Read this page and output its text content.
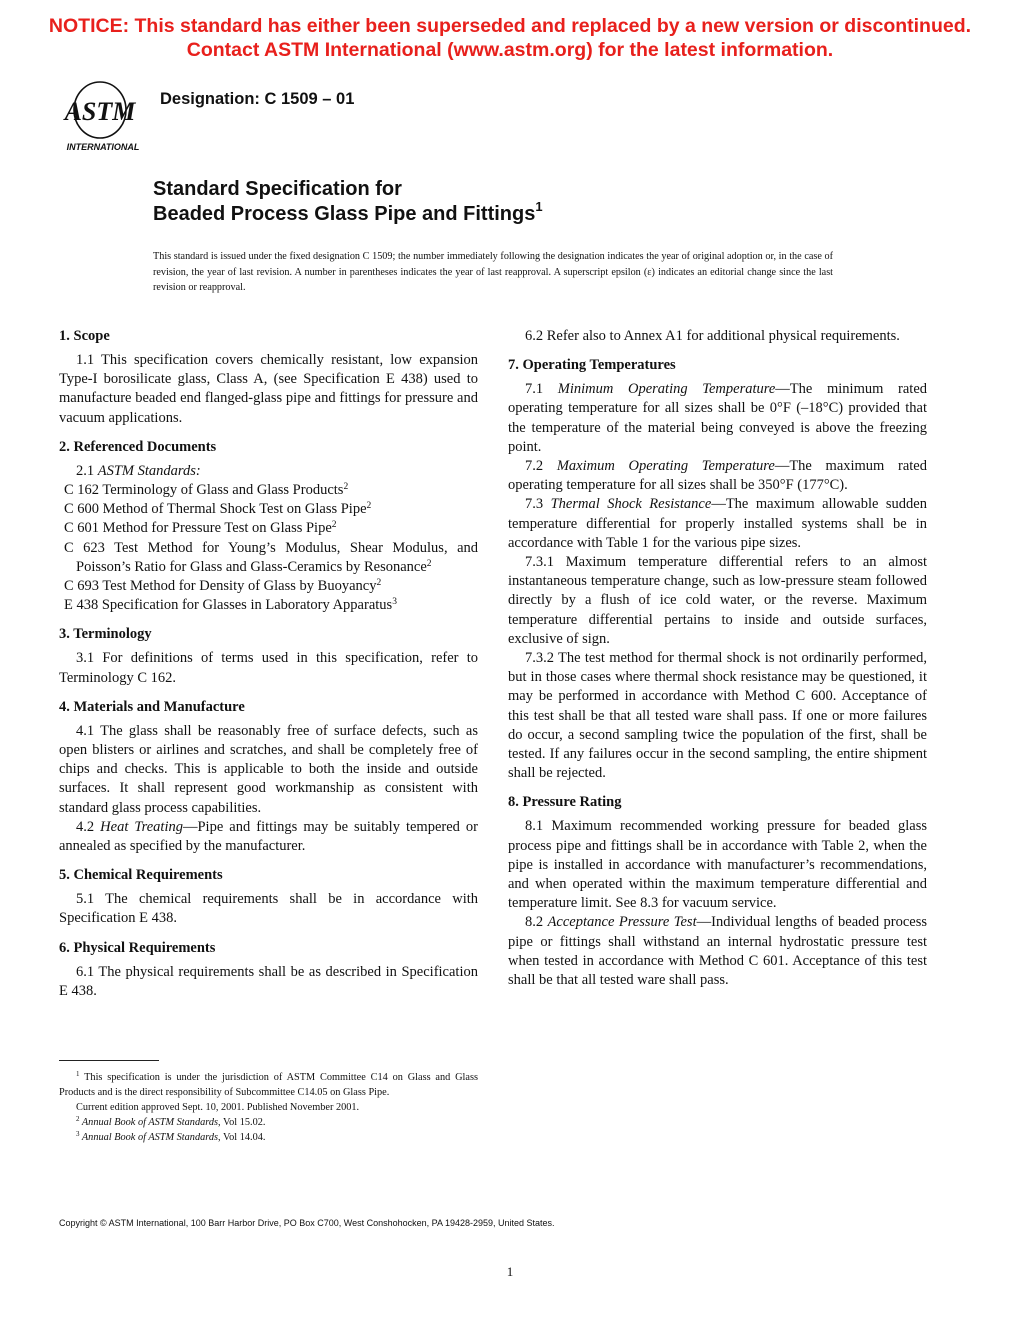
NOTICE: This standard has either been superseded and replaced by a new version or discontinued.
Contact ASTM International (www.astm.org) for the latest information.
ASTM
INTERNATIONAL
Designation: C 1509 – 01
Standard Specification for
Beaded Process Glass Pipe and Fittings$^1$
This standard is issued under the fixed designation C 1509; the number immediately following the designation indicates the year of original adoption or, in the case of revision, the year of last revision. A number in parentheses indicates the year of last reapproval. A superscript epsilon (ε) indicates an editorial change since the last revision or reapproval.
1. Scope

1.1 This specification covers chemically resistant, low expansion Type-I borosilicate glass, Class A, (see Specification E 438) used to manufacture beaded end flanged-glass pipe and fittings for pressure and vacuum applications.

2. Referenced Documents

2.1 ASTM Standards:

C 162 Terminology of Glass and Glass Products$^2$
C 600 Method of Thermal Shock Test on Glass Pipe$^2$
C 601 Method for Pressure Test on Glass Pipe$^2$
C 623 Test Method for Young’s Modulus, Shear Modulus, and Poisson’s Ratio for Glass and Glass-Ceramics by Resonance$^2$
C 693 Test Method for Density of Glass by Buoyancy$^2$
E 438 Specification for Glasses in Laboratory Apparatus$^3$
3. Terminology

3.1 For definitions of terms used in this specification, refer to Terminology C 162.

4. Materials and Manufacture

4.1 The glass shall be reasonably free of surface defects, such as open blisters or airlines and scratches, and shall be completely free of chips and checks. This is applicable to both the inside and outside surfaces. It shall represent good workmanship as consistent with standard glass process capabilities.

4.2 Heat Treating—Pipe and fittings may be suitably tempered or annealed as specified by the manufacturer.

5. Chemical Requirements

5.1 The chemical requirements shall be in accordance with Specification E 438.

6. Physical Requirements

6.1 The physical requirements shall be as described in Specification E 438.

6.2 Refer also to Annex A1 for additional physical requirements.

7. Operating Temperatures

7.1 Minimum Operating Temperature—The minimum rated operating temperature for all sizes shall be 0°F (–18°C) provided that the temperature of the material being conveyed is above the freezing point.

7.2 Maximum Operating Temperature—The maximum rated operating temperature for all sizes shall be 350°F (177°C).

7.3 Thermal Shock Resistance—The maximum allowable sudden temperature differential for properly installed systems shall be in accordance with Table 1 for the various pipe sizes.

7.3.1 Maximum temperature differential refers to an almost instantaneous temperature change, such as low-pressure steam followed directly by a flush of ice cold water, or the reverse. Maximum temperature differential pertains to inside and outside surfaces, exclusive of sign.

7.3.2 The test method for thermal shock is not ordinarily performed, but in those cases where thermal shock resistance may be questioned, it may be performed in accordance with Method C 600. Acceptance of this test shall be that all tested ware shall pass. If one or more failures do occur, a second sampling twice the population of the first, shall be tested. If any failures occur in the second sampling, the entire shipment shall be rejected.

8. Pressure Rating

8.1 Maximum recommended working pressure for beaded glass process pipe and fittings shall be in accordance with Table 2, when the pipe is installed in accordance with manufacturer’s recommendations, and when operated within the maximum temperature differential and temperature limit. See 8.3 for vacuum service.

8.2 Acceptance Pressure Test—Individual lengths of beaded process pipe or fittings shall withstand an internal hydrostatic pressure test when tested in accordance with Method C 601. Acceptance of this test shall be that all tested ware shall pass.

$^1$ This specification is under the jurisdiction of ASTM Committee C14 on Glass and Glass Products and is the direct responsibility of Subcommittee C14.05 on Glass Pipe.

Current edition approved Sept. 10, 2001. Published November 2001.

$^2$ Annual Book of ASTM Standards, Vol 15.02.

$^3$ Annual Book of ASTM Standards, Vol 14.04.

Copyright © ASTM International, 100 Barr Harbor Drive, PO Box C700, West Conshohocken, PA 19428-2959, United States.
1
